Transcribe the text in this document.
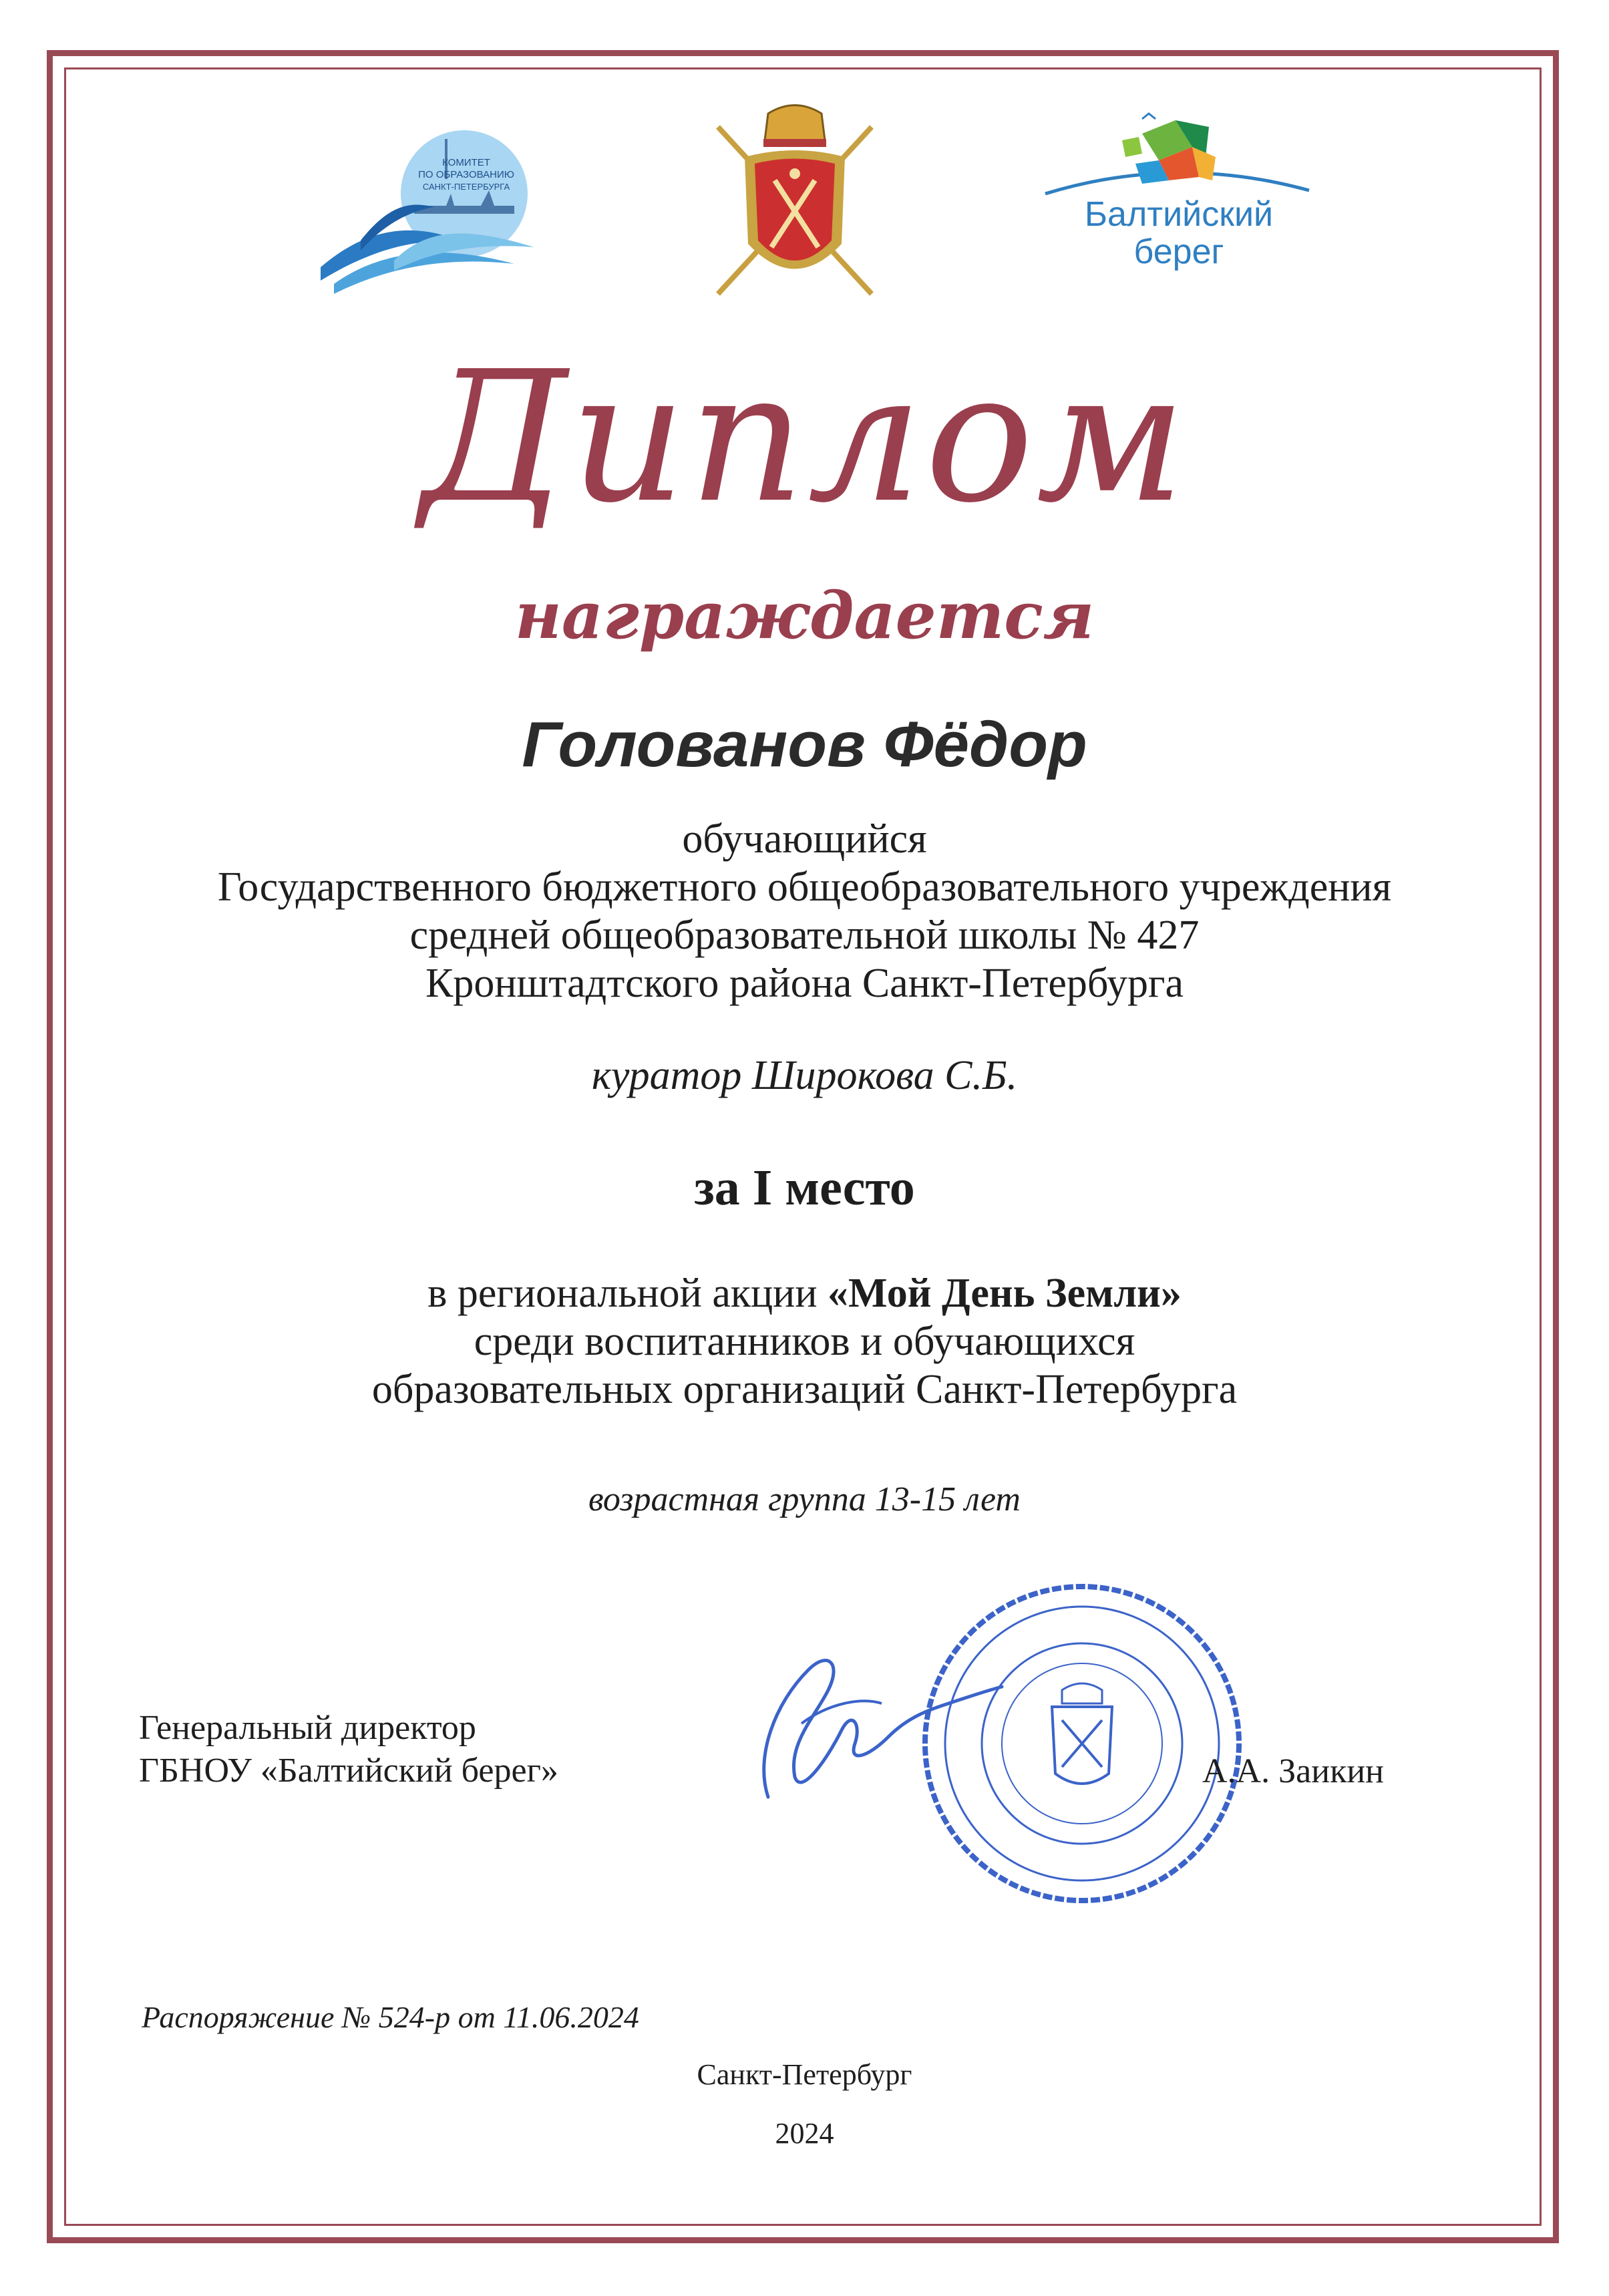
КОМИТЕТ
ПО ОБРАЗОВАНИЮ
САНКТ-ПЕТЕРБУРГА
Балтийский
берег
Диплом
награждается
Голованов Фёдор
обучающийся
Государственного бюджетного общеобразовательного учреждения
средней общеобразовательной школы № 427
Кронштадтского района Санкт-Петербурга
куратор Широкова С.Б.
за I место
в региональной акции «Мой День Земли»
среди воспитанников и обучающихся
образовательных организаций Санкт-Петербурга
возрастная группа 13-15 лет
Генеральный директор
ГБНОУ «Балтийский берег»	А.А. Заикин
Распоряжение № 524-р от 11.06.2024
Санкт-Петербург
2024
